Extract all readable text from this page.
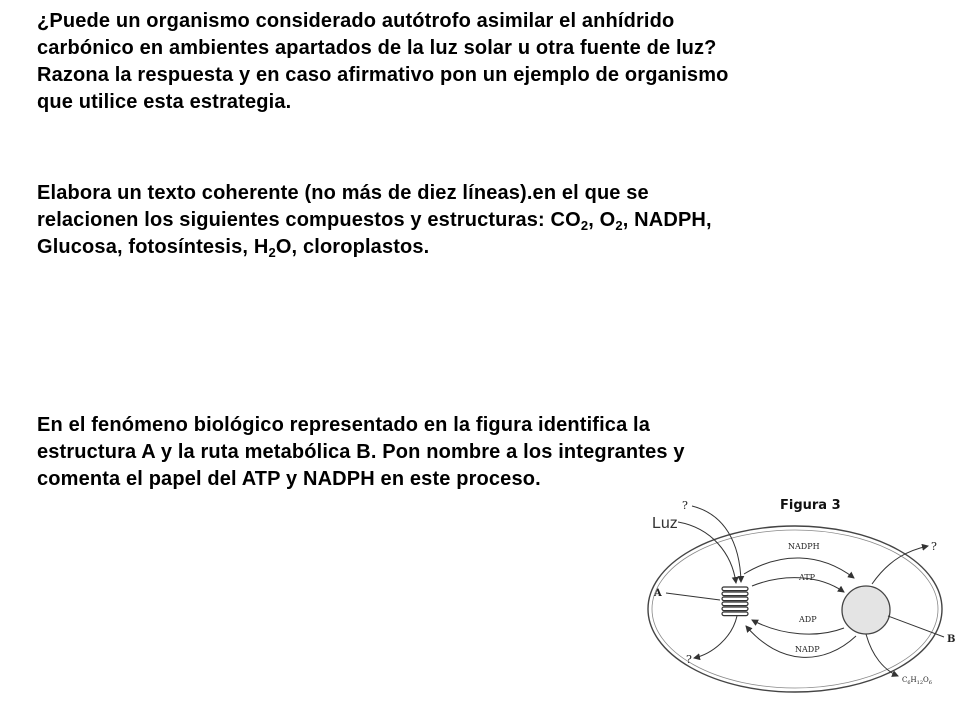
¿Puede un organismo considerado autótrofo asimilar el anhídrido
carbónico en ambientes apartados de la luz solar u otra fuente de luz?
Razona la respuesta y en caso afirmativo pon un ejemplo de organismo
que utilice esta estrategia.

Elabora un texto coherente (no más de diez líneas).en el que se
relacionen los siguientes compuestos y estructuras: $CO_2$, $O_2$, NADPH,
Glucosa, fotosíntesis, $H_2O$, cloroplastos.

En el fenómeno biológico representado en la figura identifica la
estructura A y la ruta metabólica B. Pon nombre a los integrantes y
comenta el papel del ATP y NADPH en este proceso.

Figura 3
Luz
?
?
NADPH
ATP
ADP
NADP
A
B
?
$C_6H_{12}O_6$
